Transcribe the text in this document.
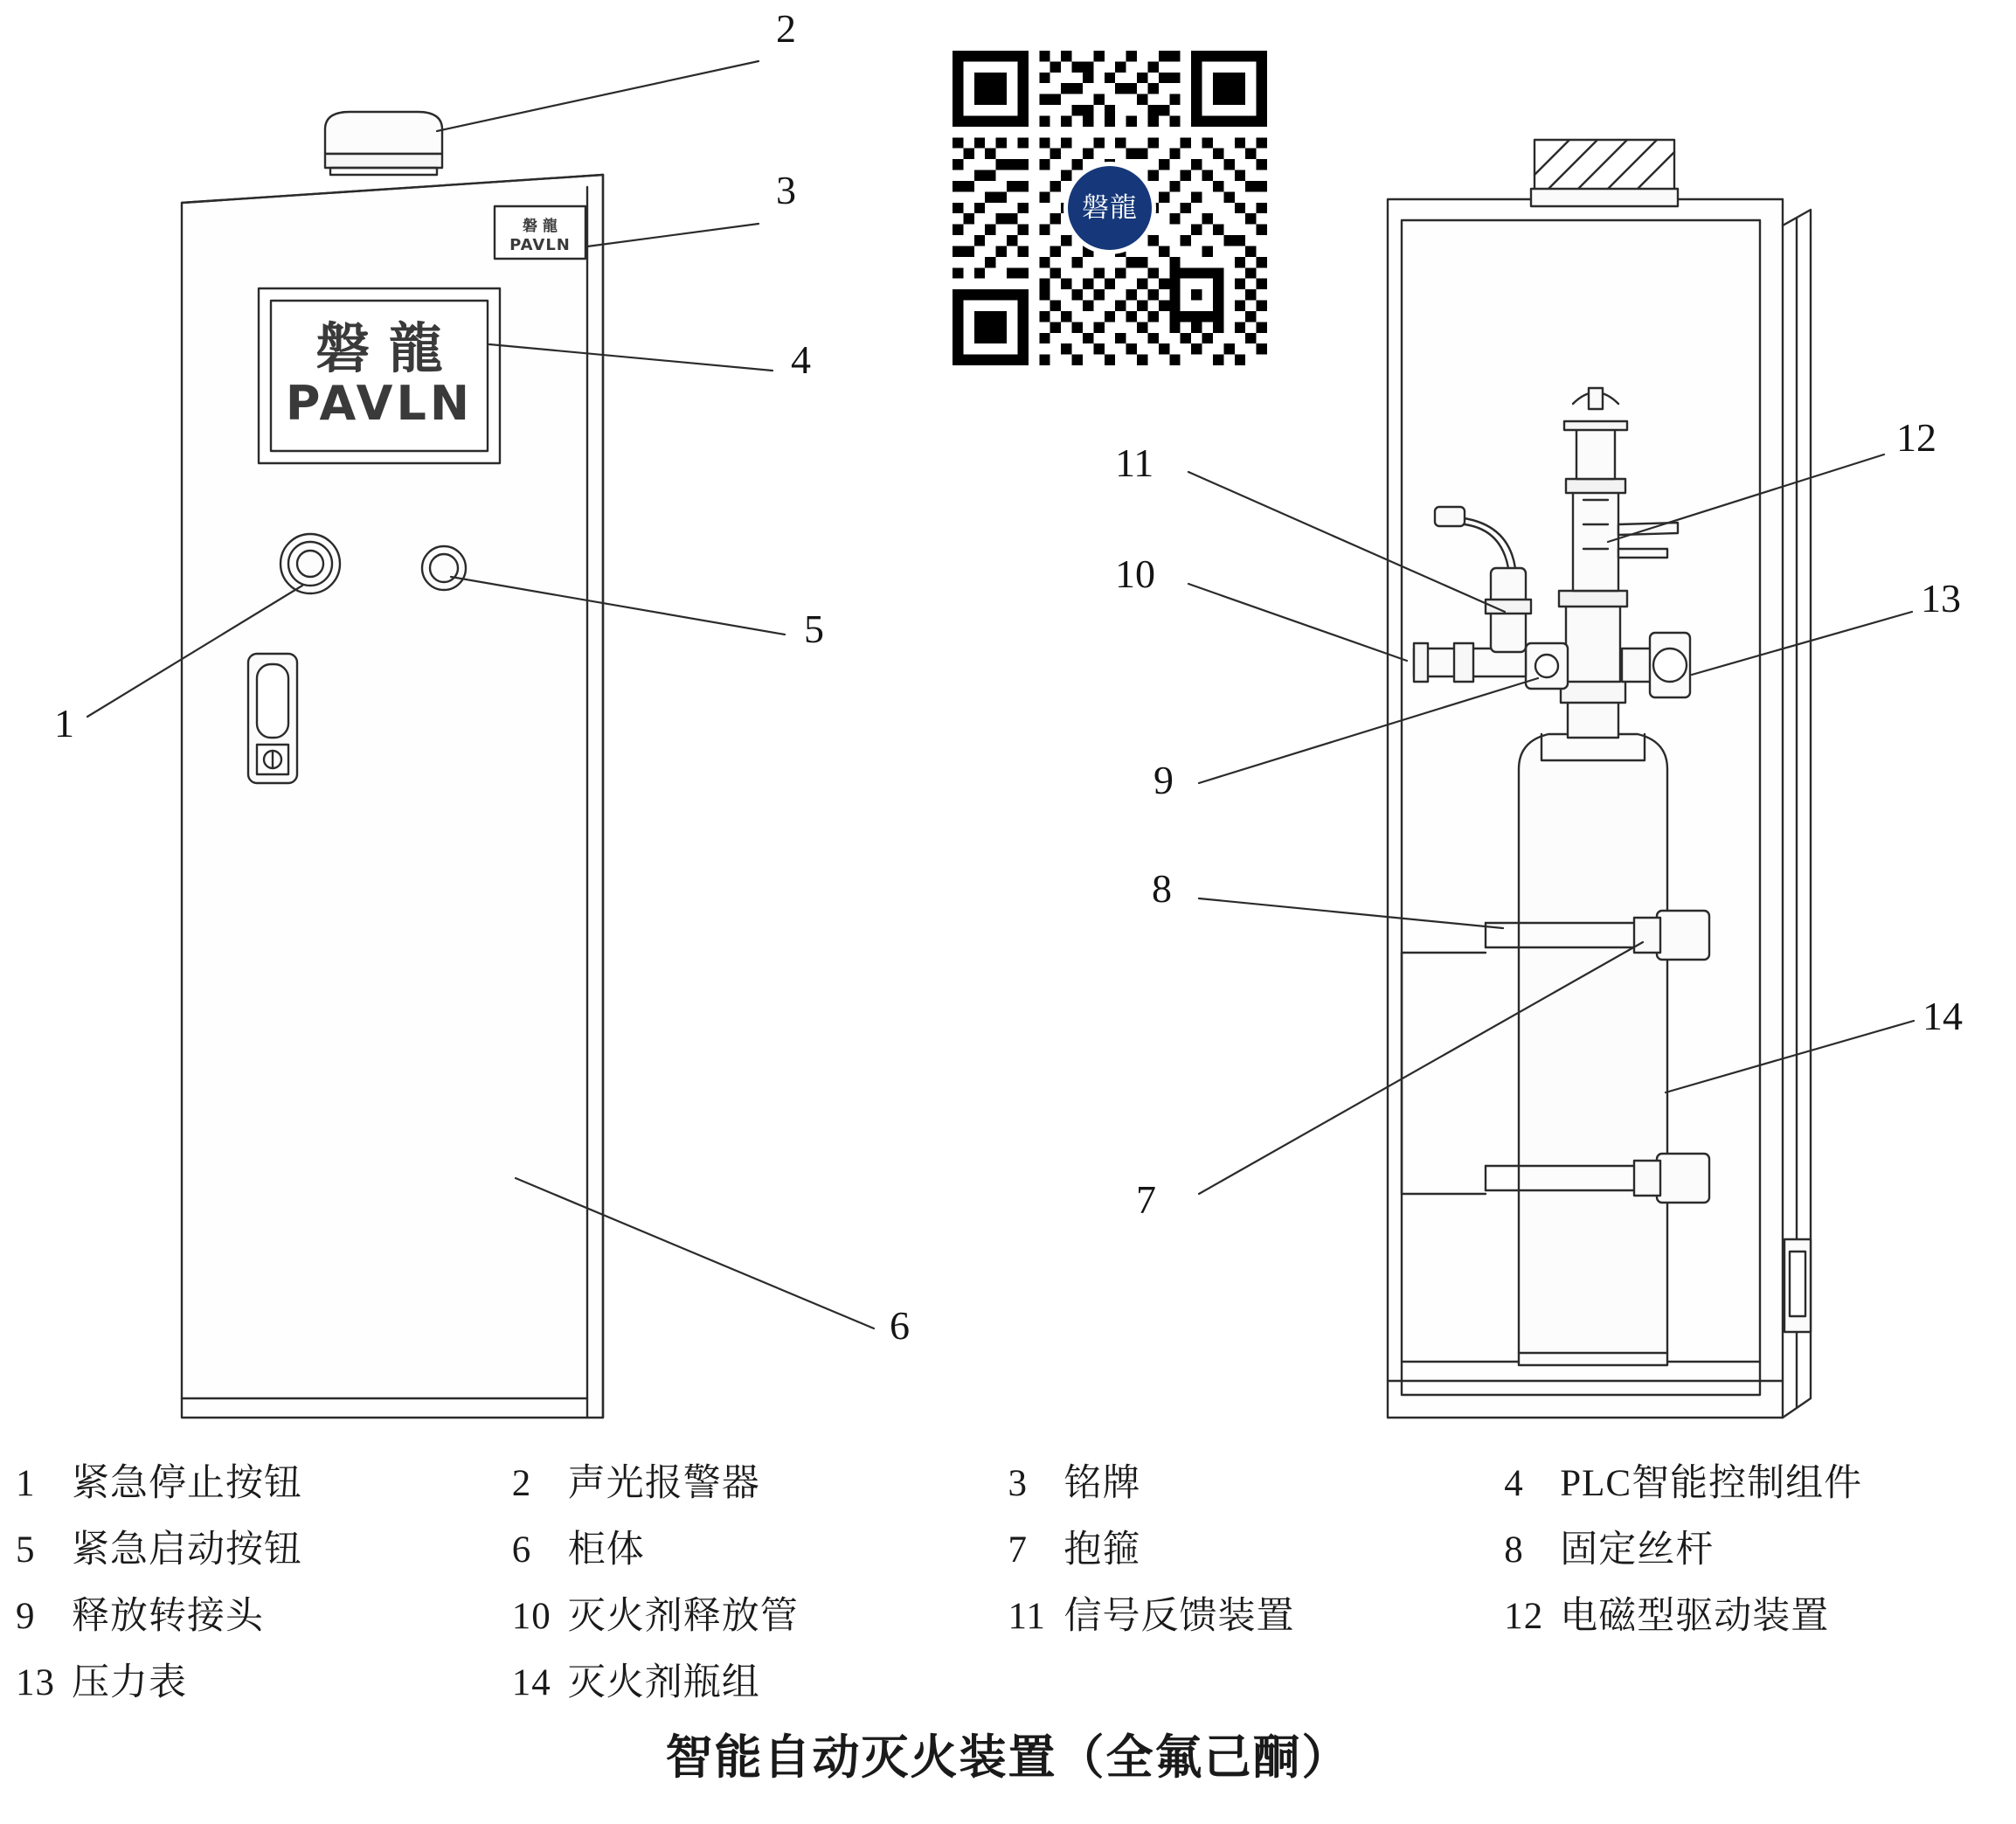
1
2
3
4
5
6
7
8
9
10
11
12
13
14
磐 龍
PAVLN
磐 龍
PAVLN
磐龍
1 紧急停止按钮	2 声光报警器	3 铭牌	4 PLC智能控制组件
5 紧急启动按钮	6 柜体	7 抱箍	8 固定丝杆
9 释放转接头	10 灭火剂释放管	11 信号反馈装置	12 电磁型驱动装置
13 压力表	14 灭火剂瓶组
智能自动灭火装置（全氟己酮）
